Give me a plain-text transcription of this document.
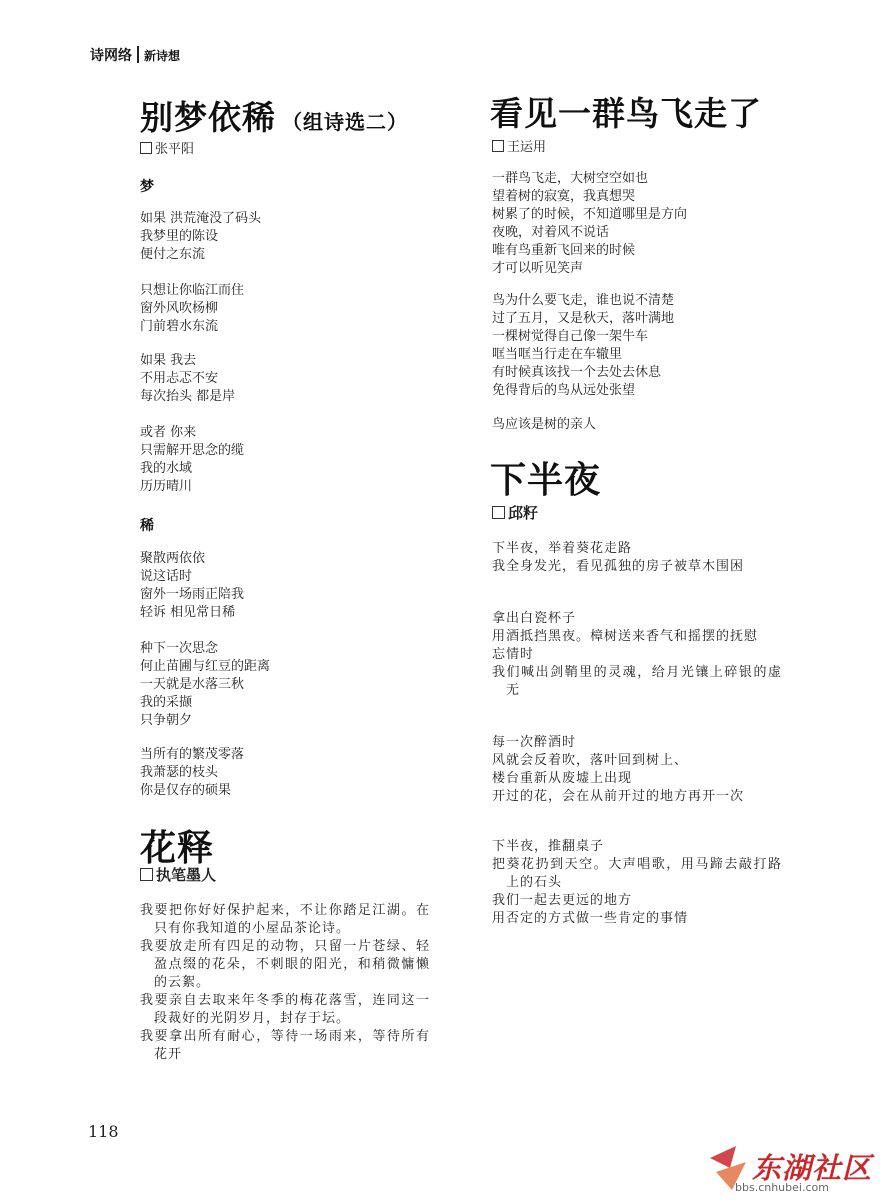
诗网络 新诗想
别梦依稀 （组诗选二）
张平阳
梦
如果 洪荒淹没了码头
我梦里的陈设
便付之东流
只想让你临江而住
窗外风吹杨柳
门前碧水东流
如果 我去
不用忐忑不安
每次抬头 都是岸
或者 你来
只需解开思念的缆
我的水域
历历晴川
稀
聚散两依依
说这话时
窗外一场雨正陪我
轻诉 相见常日稀
种下一次思念
何止苗圃与红豆的距离
一天就是水落三秋
我的采撷
只争朝夕
当所有的繁茂零落
我萧瑟的枝头
你是仅存的硕果
花释
执笔墨人

我要把你好好保护起来，不让你踏足江湖。在只有你我知道的小屋品茶论诗。

我要放走所有四足的动物，只留一片苍绿、轻盈点缀的花朵，不刺眼的阳光，和稍微慵懒的云絮。

我要亲自去取来年冬季的梅花落雪，连同这一段裁好的光阴岁月，封存于坛。

我要拿出所有耐心，等待一场雨来，等待所有花开

看见一群鸟飞走了
王运用
一群鸟飞走，大树空空如也
望着树的寂寞，我真想哭
树累了的时候，不知道哪里是方向
夜晚，对着风不说话
唯有鸟重新飞回来的时候
才可以听见笑声
鸟为什么要飞走，谁也说不清楚
过了五月，又是秋天，落叶满地
一棵树觉得自己像一架牛车
哐当哐当行走在车辙里
有时候真该找一个去处去休息
免得背后的鸟从远处张望
鸟应该是树的亲人
下半夜
邱籽

下半夜，举着葵花走路

我全身发光，看见孤独的房子被草木围困

拿出白瓷杯子

用酒抵挡黑夜。樟树送来香气和摇摆的抚慰

忘情时

我们喊出剑鞘里的灵魂，给月光镶上碎银的虚无

每一次醉酒时

风就会反着吹，落叶回到树上、

楼台重新从废墟上出现

开过的花，会在从前开过的地方再开一次

下半夜，推翻桌子

把葵花扔到天空。大声唱歌，用马蹄去敲打路上的石头

我们一起去更远的地方

用否定的方式做一些肯定的事情

118
东湖社区
bbs.cnhubei.com
